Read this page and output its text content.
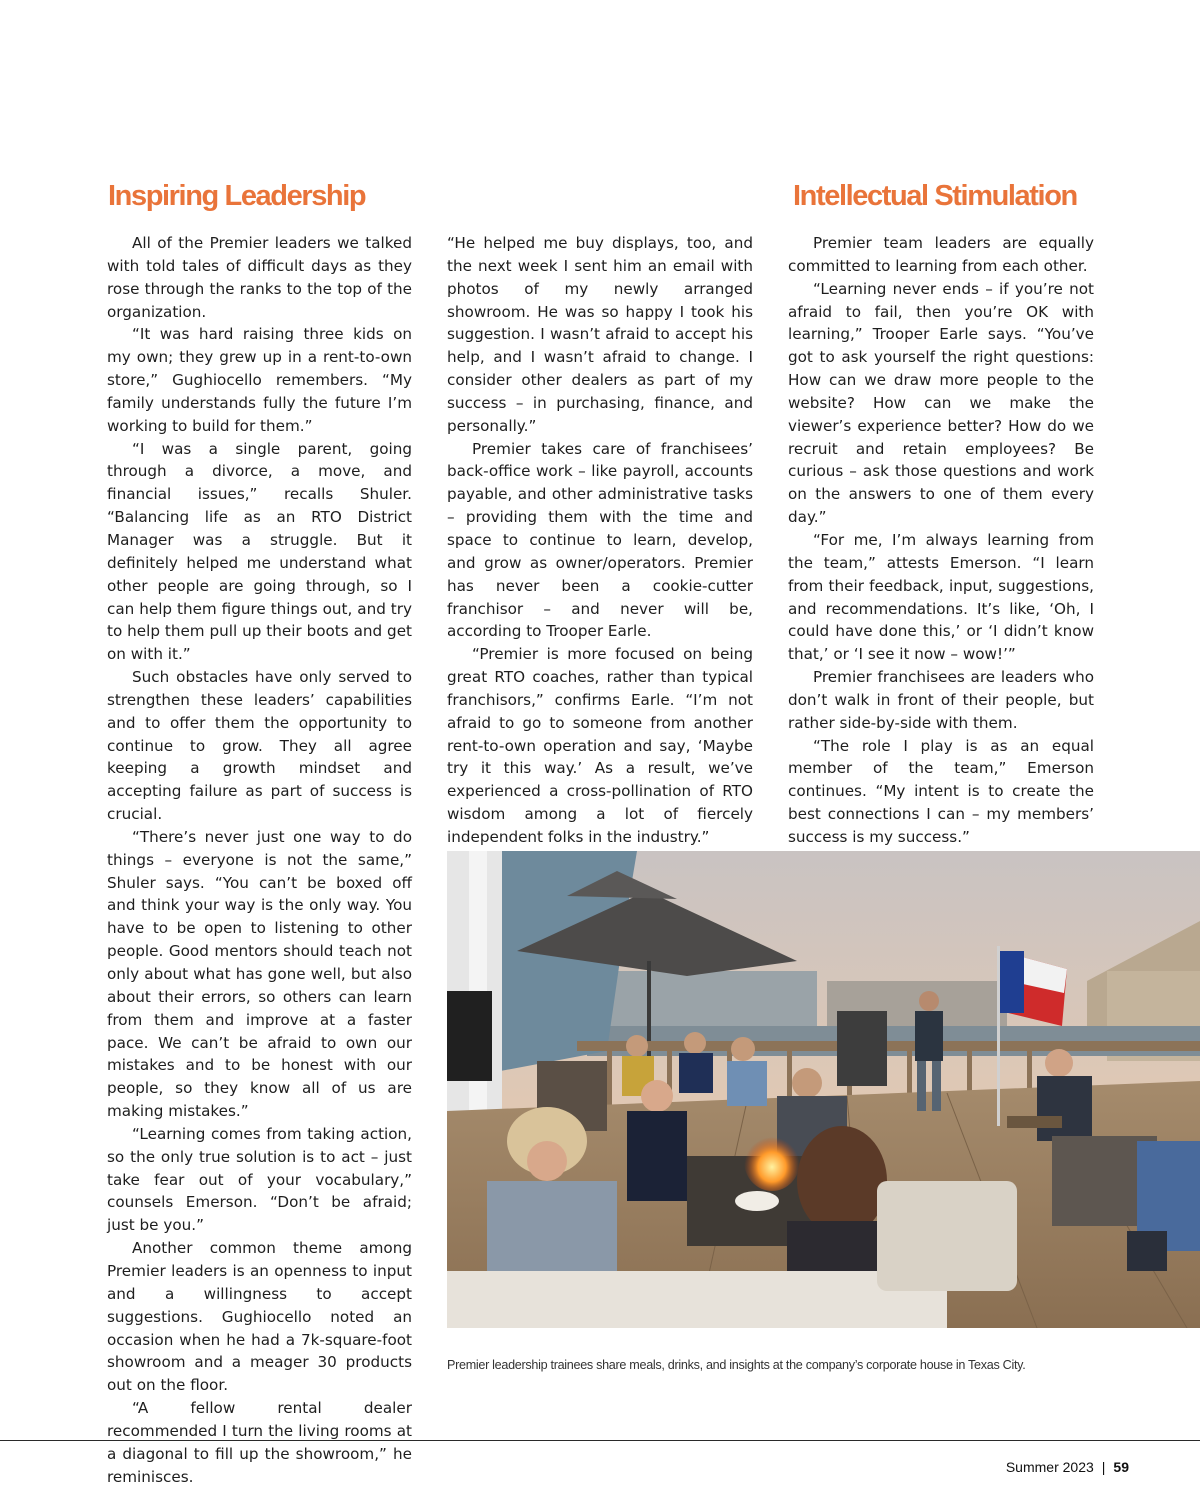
Inspiring Leadership	Intellectual Stimulation

All of the Premier leaders we talked with told tales of difficult days as they rose through the ranks to the top of the organization.

“It was hard raising three kids on my own; they grew up in a rent-to-own store,” Gughiocello remembers. “My family understands fully the future I’m working to build for them.”

“I was a single parent, going through a divorce, a move, and financial issues,” recalls Shuler. “Balancing life as an RTO District Manager was a struggle. But it definitely helped me understand what other people are going through, so I can help them figure things out, and try to help them pull up their boots and get on with it.”

Such obstacles have only served to strengthen these leaders’ capabilities and to offer them the opportunity to continue to grow. They all agree keeping a growth mindset and accepting failure as part of success is crucial.

“There’s never just one way to do things – everyone is not the same,” Shuler says. “You can’t be boxed off and think your way is the only way. You have to be open to listening to other people. Good mentors should teach not only about what has gone well, but also about their errors, so others can learn from them and improve at a faster pace. We can’t be afraid to own our mistakes and to be honest with our people, so they know all of us are making mistakes.”

“Learning comes from taking action, so the only true solution is to act – just take fear out of your vocabulary,” counsels Emerson. “Don’t be afraid; just be you.”

Another common theme among Premier leaders is an openness to input and a willingness to accept suggestions. Gughiocello noted an occasion when he had a 7k-square-foot showroom and a meager 30 products out on the floor.

“A fellow rental dealer recommended I turn the living rooms at a diagonal to fill up the showroom,” he reminisces.

“He helped me buy displays, too, and the next week I sent him an email with photos of my newly arranged showroom. He was so happy I took his suggestion. I wasn’t afraid to accept his help, and I wasn’t afraid to change. I consider other dealers as part of my success – in purchasing, finance, and personally.”

Premier takes care of franchisees’ back-office work – like payroll, accounts payable, and other administrative tasks – providing them with the time and space to continue to learn, develop, and grow as owner/operators. Premier has never been a cookie-cutter franchisor – and never will be, according to Trooper Earle.

“Premier is more focused on being great RTO coaches, rather than typical franchisors,” confirms Earle. “I’m not afraid to go to someone from another rent-to-own operation and say, ‘Maybe try it this way.’ As a result, we’ve experienced a cross-pollination of RTO wisdom among a lot of fiercely independent folks in the industry.”

Premier team leaders are equally committed to learning from each other.

“Learning never ends – if you’re not afraid to fail, then you’re OK with learning,” Trooper Earle says. “You’ve got to ask yourself the right questions: How can we draw more people to the website? How can we make the viewer’s experience better? How do we recruit and retain employees? Be curious – ask those questions and work on the answers to one of them every day.”

“For me, I’m always learning from the team,” attests Emerson. “I learn from their feedback, input, suggestions, and recommendations. It’s like, ‘Oh, I could have done this,’ or ‘I didn’t know that,’ or ‘I see it now – wow!’”

Premier franchisees are leaders who don’t walk in front of their people, but rather side-by-side with them.

“The role I play is as an equal member of the team,” Emerson continues. “My intent is to create the best connections I can – my members’ success is my success.”

Premier leadership trainees share meals, drinks, and insights at the company’s corporate house in Texas City.
Summer 2023 | 59
